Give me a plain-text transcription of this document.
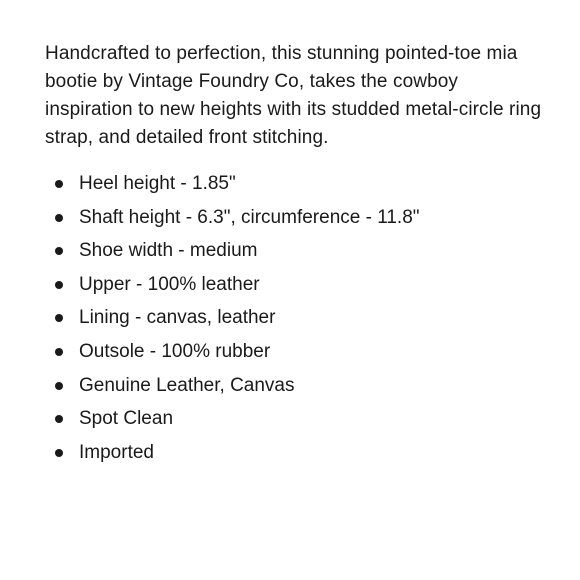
Handcrafted to perfection, this stunning pointed-toe mia bootie by Vintage Foundry Co, takes the cowboy inspiration to new heights with its studded metal-circle ring strap, and detailed front stitching.

Heel height - 1.85"
Shaft height - 6.3", circumference - 11.8"
Shoe width - medium
Upper - 100% leather
Lining - canvas, leather
Outsole - 100% rubber
Genuine Leather, Canvas
Spot Clean
Imported
